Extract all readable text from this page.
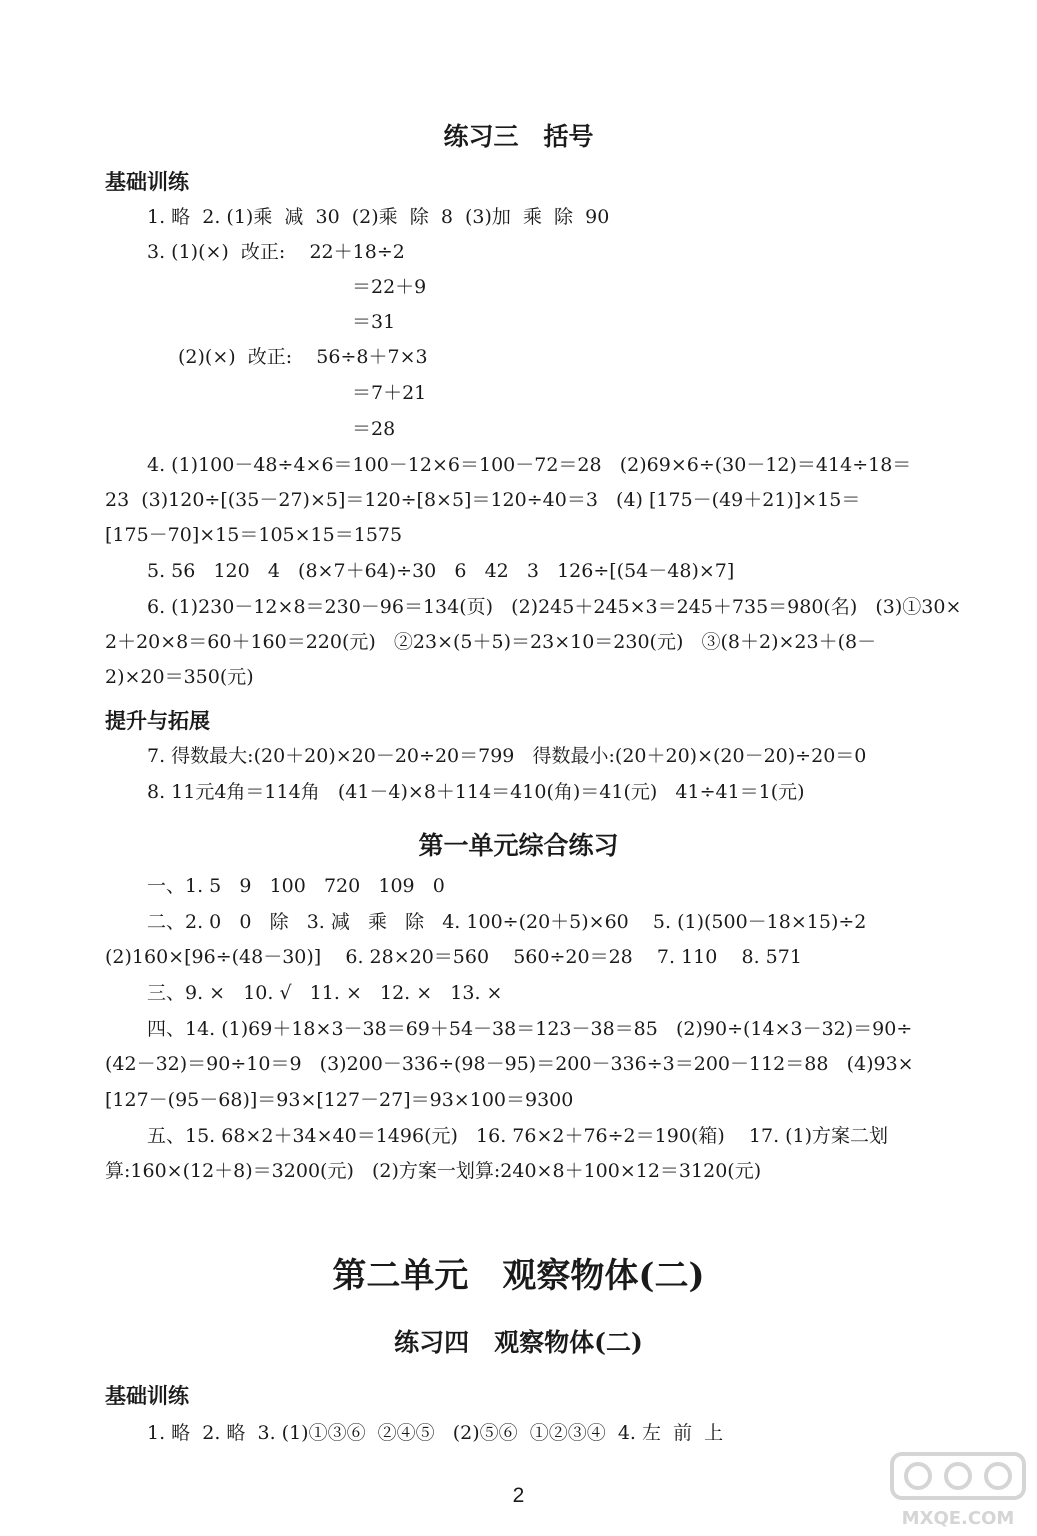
练习三　括号
基础训练
1. 略  2. (1)乘  减  30  (2)乘  除  8  (3)加  乘  除  90
3. (1)(×)  改正:    22＋18÷2
＝22＋9
＝31
(2)(×)  改正:    56÷8＋7×3
＝7＋21
＝28
4. (1)100－48÷4×6＝100－12×6＝100－72＝28   (2)69×6÷(30－12)＝414÷18＝
23  (3)120÷[(35－27)×5]＝120÷[8×5]＝120÷40＝3   (4) [175－(49＋21)]×15＝
[175－70]×15＝105×15＝1575
5. 56   120   4   (8×7＋64)÷30   6   42   3   126÷[(54－48)×7]
6. (1)230－12×8＝230－96＝134(页)   (2)245＋245×3＝245＋735＝980(名)   (3)①30×
2＋20×8＝60＋160＝220(元)   ②23×(5＋5)＝23×10＝230(元)   ③(8＋2)×23＋(8－
2)×20＝350(元)
提升与拓展
7. 得数最大:(20＋20)×20－20÷20＝799   得数最小:(20＋20)×(20－20)÷20＝0
8. 11元4角＝114角   (41－4)×8＋114＝410(角)＝41(元)   41÷41＝1(元)
第一单元综合练习
一、1. 5   9   100   720   109   0
二、2. 0   0   除   3. 减   乘   除   4. 100÷(20＋5)×60    5. (1)(500－18×15)÷2
(2)160×[96÷(48－30)]    6. 28×20＝560    560÷20＝28    7. 110    8. 571
三、9. ×   10. √   11. ×   12. ×   13. ×
四、14. (1)69＋18×3－38＝69＋54－38＝123－38＝85   (2)90÷(14×3－32)＝90÷
(42－32)＝90÷10＝9   (3)200－336÷(98－95)＝200－336÷3＝200－112＝88   (4)93×
[127－(95－68)]＝93×[127－27]＝93×100＝9300
五、15. 68×2＋34×40＝1496(元)   16. 76×2＋76÷2＝190(箱)    17. (1)方案二划
算:160×(12＋8)＝3200(元)   (2)方案一划算:240×8＋100×12＝3120(元)
第二单元　观察物体(二)
练习四　观察物体(二)
基础训练
1. 略  2. 略  3. (1)①③⑥  ②④⑤   (2)⑤⑥  ①②③④  4. 左  前  上
2
MXQE.COM
